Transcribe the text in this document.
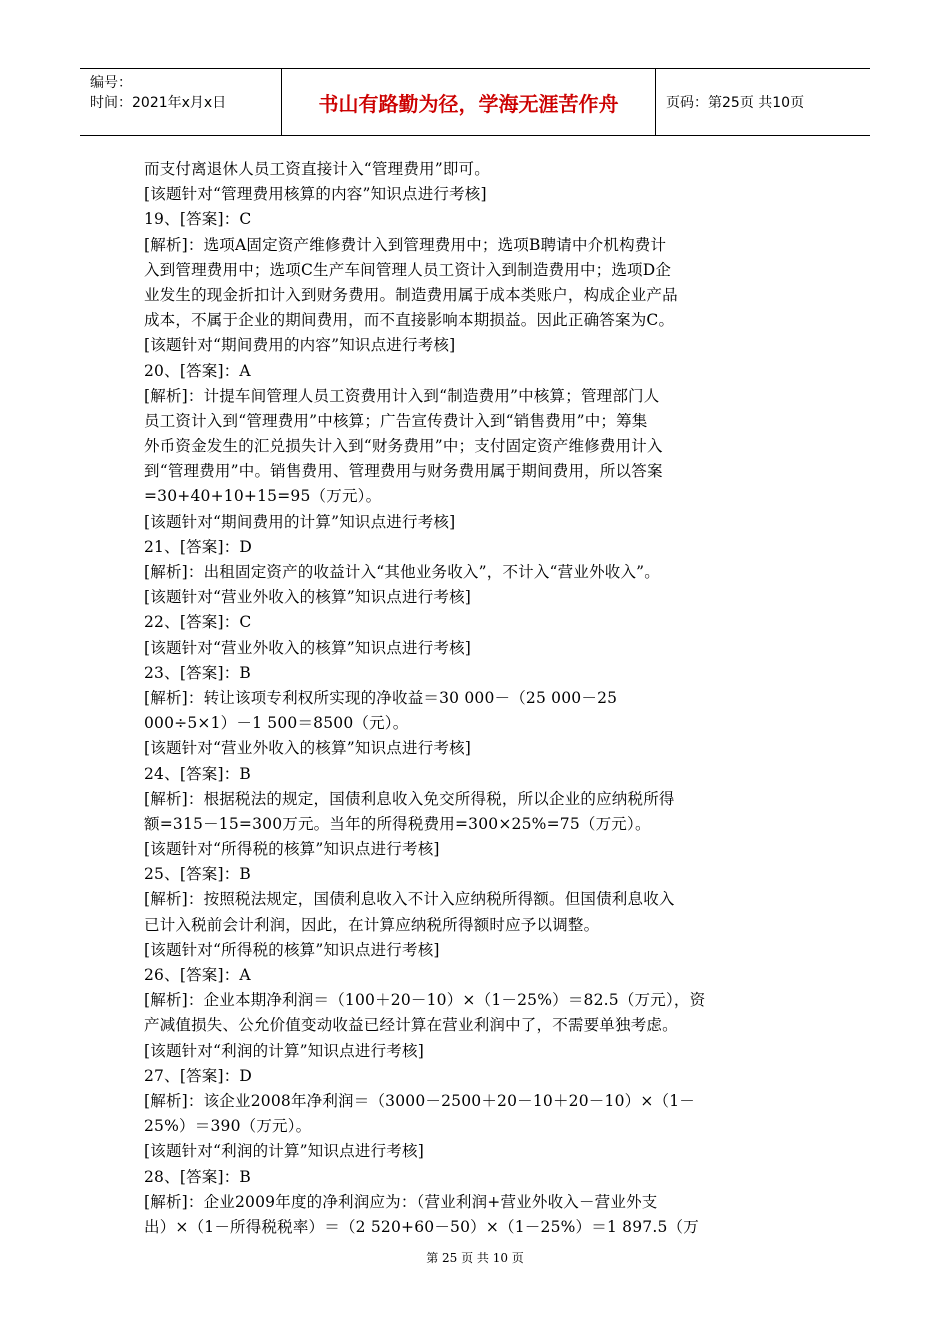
编号：
时间：2021年x月x日	书山有路勤为径，学海无涯苦作舟	页码：第25页 共10页
而支付离退休人员工资直接计入“管理费用”即可。
[该题针对“管理费用核算的内容”知识点进行考核]
19、[答案]：C
[解析]：选项A固定资产维修费计入到管理费用中；选项B聘请中介机构费计
入到管理费用中；选项C生产车间管理人员工资计入到制造费用中；选项D企
业发生的现金折扣计入到财务费用。制造费用属于成本类账户，构成企业产品
成本，不属于企业的期间费用，而不直接影响本期损益。因此正确答案为C。
[该题针对“期间费用的内容”知识点进行考核]
20、[答案]：A
[解析]：计提车间管理人员工资费用计入到“制造费用”中核算；管理部门人
员工资计入到“管理费用”中核算；广告宣传费计入到“销售费用”中；筹集
外币资金发生的汇兑损失计入到“财务费用”中；支付固定资产维修费用计入
到“管理费用”中。销售费用、管理费用与财务费用属于期间费用，所以答案
=30+40+10+15=95（万元）。
[该题针对“期间费用的计算”知识点进行考核]
21、[答案]：D
[解析]：出租固定资产的收益计入“其他业务收入”，不计入“营业外收入”。
[该题针对“营业外收入的核算”知识点进行考核]
22、[答案]：C
[该题针对“营业外收入的核算”知识点进行考核]
23、[答案]：B
[解析]：转让该项专利权所实现的净收益＝30 000－（25 000－25
000÷5×1）－1 500＝8500（元）。
[该题针对“营业外收入的核算”知识点进行考核]
24、[答案]：B
[解析]：根据税法的规定，国债利息收入免交所得税，所以企业的应纳税所得
额=315－15=300万元。当年的所得税费用=300×25%=75（万元）。
[该题针对“所得税的核算”知识点进行考核]
25、[答案]：B
[解析]：按照税法规定，国债利息收入不计入应纳税所得额。但国债利息收入
已计入税前会计利润，因此，在计算应纳税所得额时应予以调整。
[该题针对“所得税的核算”知识点进行考核]
26、[答案]：A
[解析]：企业本期净利润＝（100＋20－10）×（1－25%）＝82.5（万元），资
产减值损失、公允价值变动收益已经计算在营业利润中了，不需要单独考虑。
[该题针对“利润的计算”知识点进行考核]
27、[答案]：D
[解析]：该企业2008年净利润＝（3000－2500＋20－10＋20－10）×（1－
25%）＝390（万元）。
[该题针对“利润的计算”知识点进行考核]
28、[答案]：B
[解析]：企业2009年度的净利润应为：（营业利润+营业外收入－营业外支
出）×（1－所得税税率）＝（2 520+60－50）×（1－25%）＝1 897.5（万
第 25 页 共 10 页
